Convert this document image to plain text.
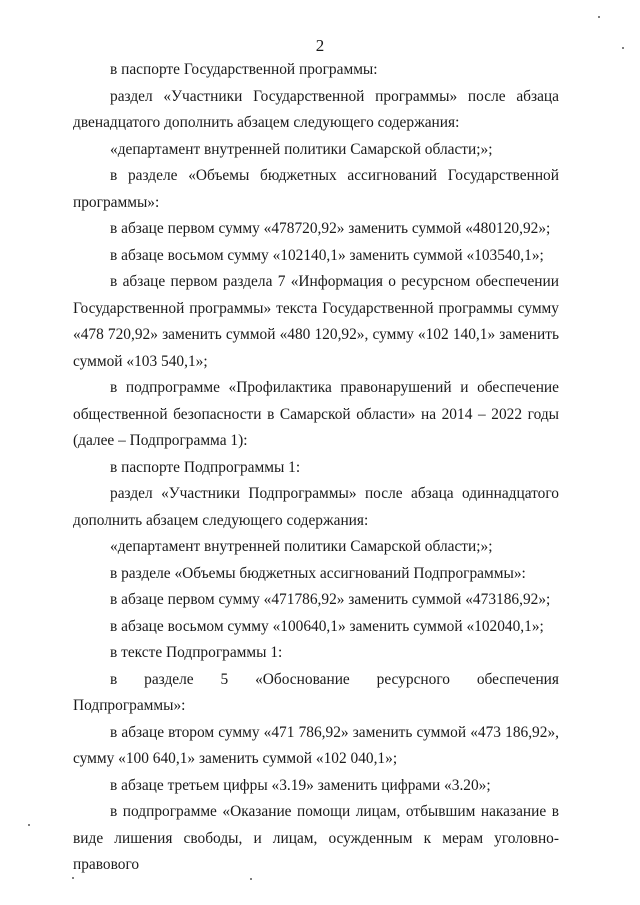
2

в паспорте Государственной программы:

раздел «Участники Государственной программы» после абзаца двенадцатого дополнить абзацем следующего содержания:

«департамент внутренней политики Самарской области;»;

в разделе «Объемы бюджетных ассигнований Государственной программы»:

в абзаце первом сумму «478720,92» заменить суммой «480120,92»;

в абзаце восьмом сумму «102140,1» заменить суммой «103540,1»;

в абзаце первом раздела 7 «Информация о ресурсном обеспечении Государственной программы» текста Государственной программы сумму «478 720,92» заменить суммой «480 120,92», сумму «102 140,1» заменить суммой «103 540,1»;

в подпрограмме «Профилактика правонарушений и обеспечение общественной безопасности в Самарской области» на 2014 – 2022 годы (далее – Подпрограмма 1):

в паспорте Подпрограммы 1:

раздел «Участники Подпрограммы» после абзаца одиннадцатого дополнить абзацем следующего содержания:

«департамент внутренней политики Самарской области;»;

в разделе «Объемы бюджетных ассигнований Подпрограммы»:

в абзаце первом сумму «471786,92» заменить суммой «473186,92»;

в абзаце восьмом сумму «100640,1» заменить суммой «102040,1»;

в тексте Подпрограммы 1:

в разделе 5 «Обоснование ресурсного обеспечения Подпрограммы»:

в абзаце втором сумму «471 786,92» заменить суммой «473 186,92», сумму «100 640,1» заменить суммой «102 040,1»;

в абзаце третьем цифры «3.19» заменить цифрами «3.20»;

в подпрограмме «Оказание помощи лицам, отбывшим наказание в виде лишения свободы, и лицам, осужденным к мерам уголовно-правового
